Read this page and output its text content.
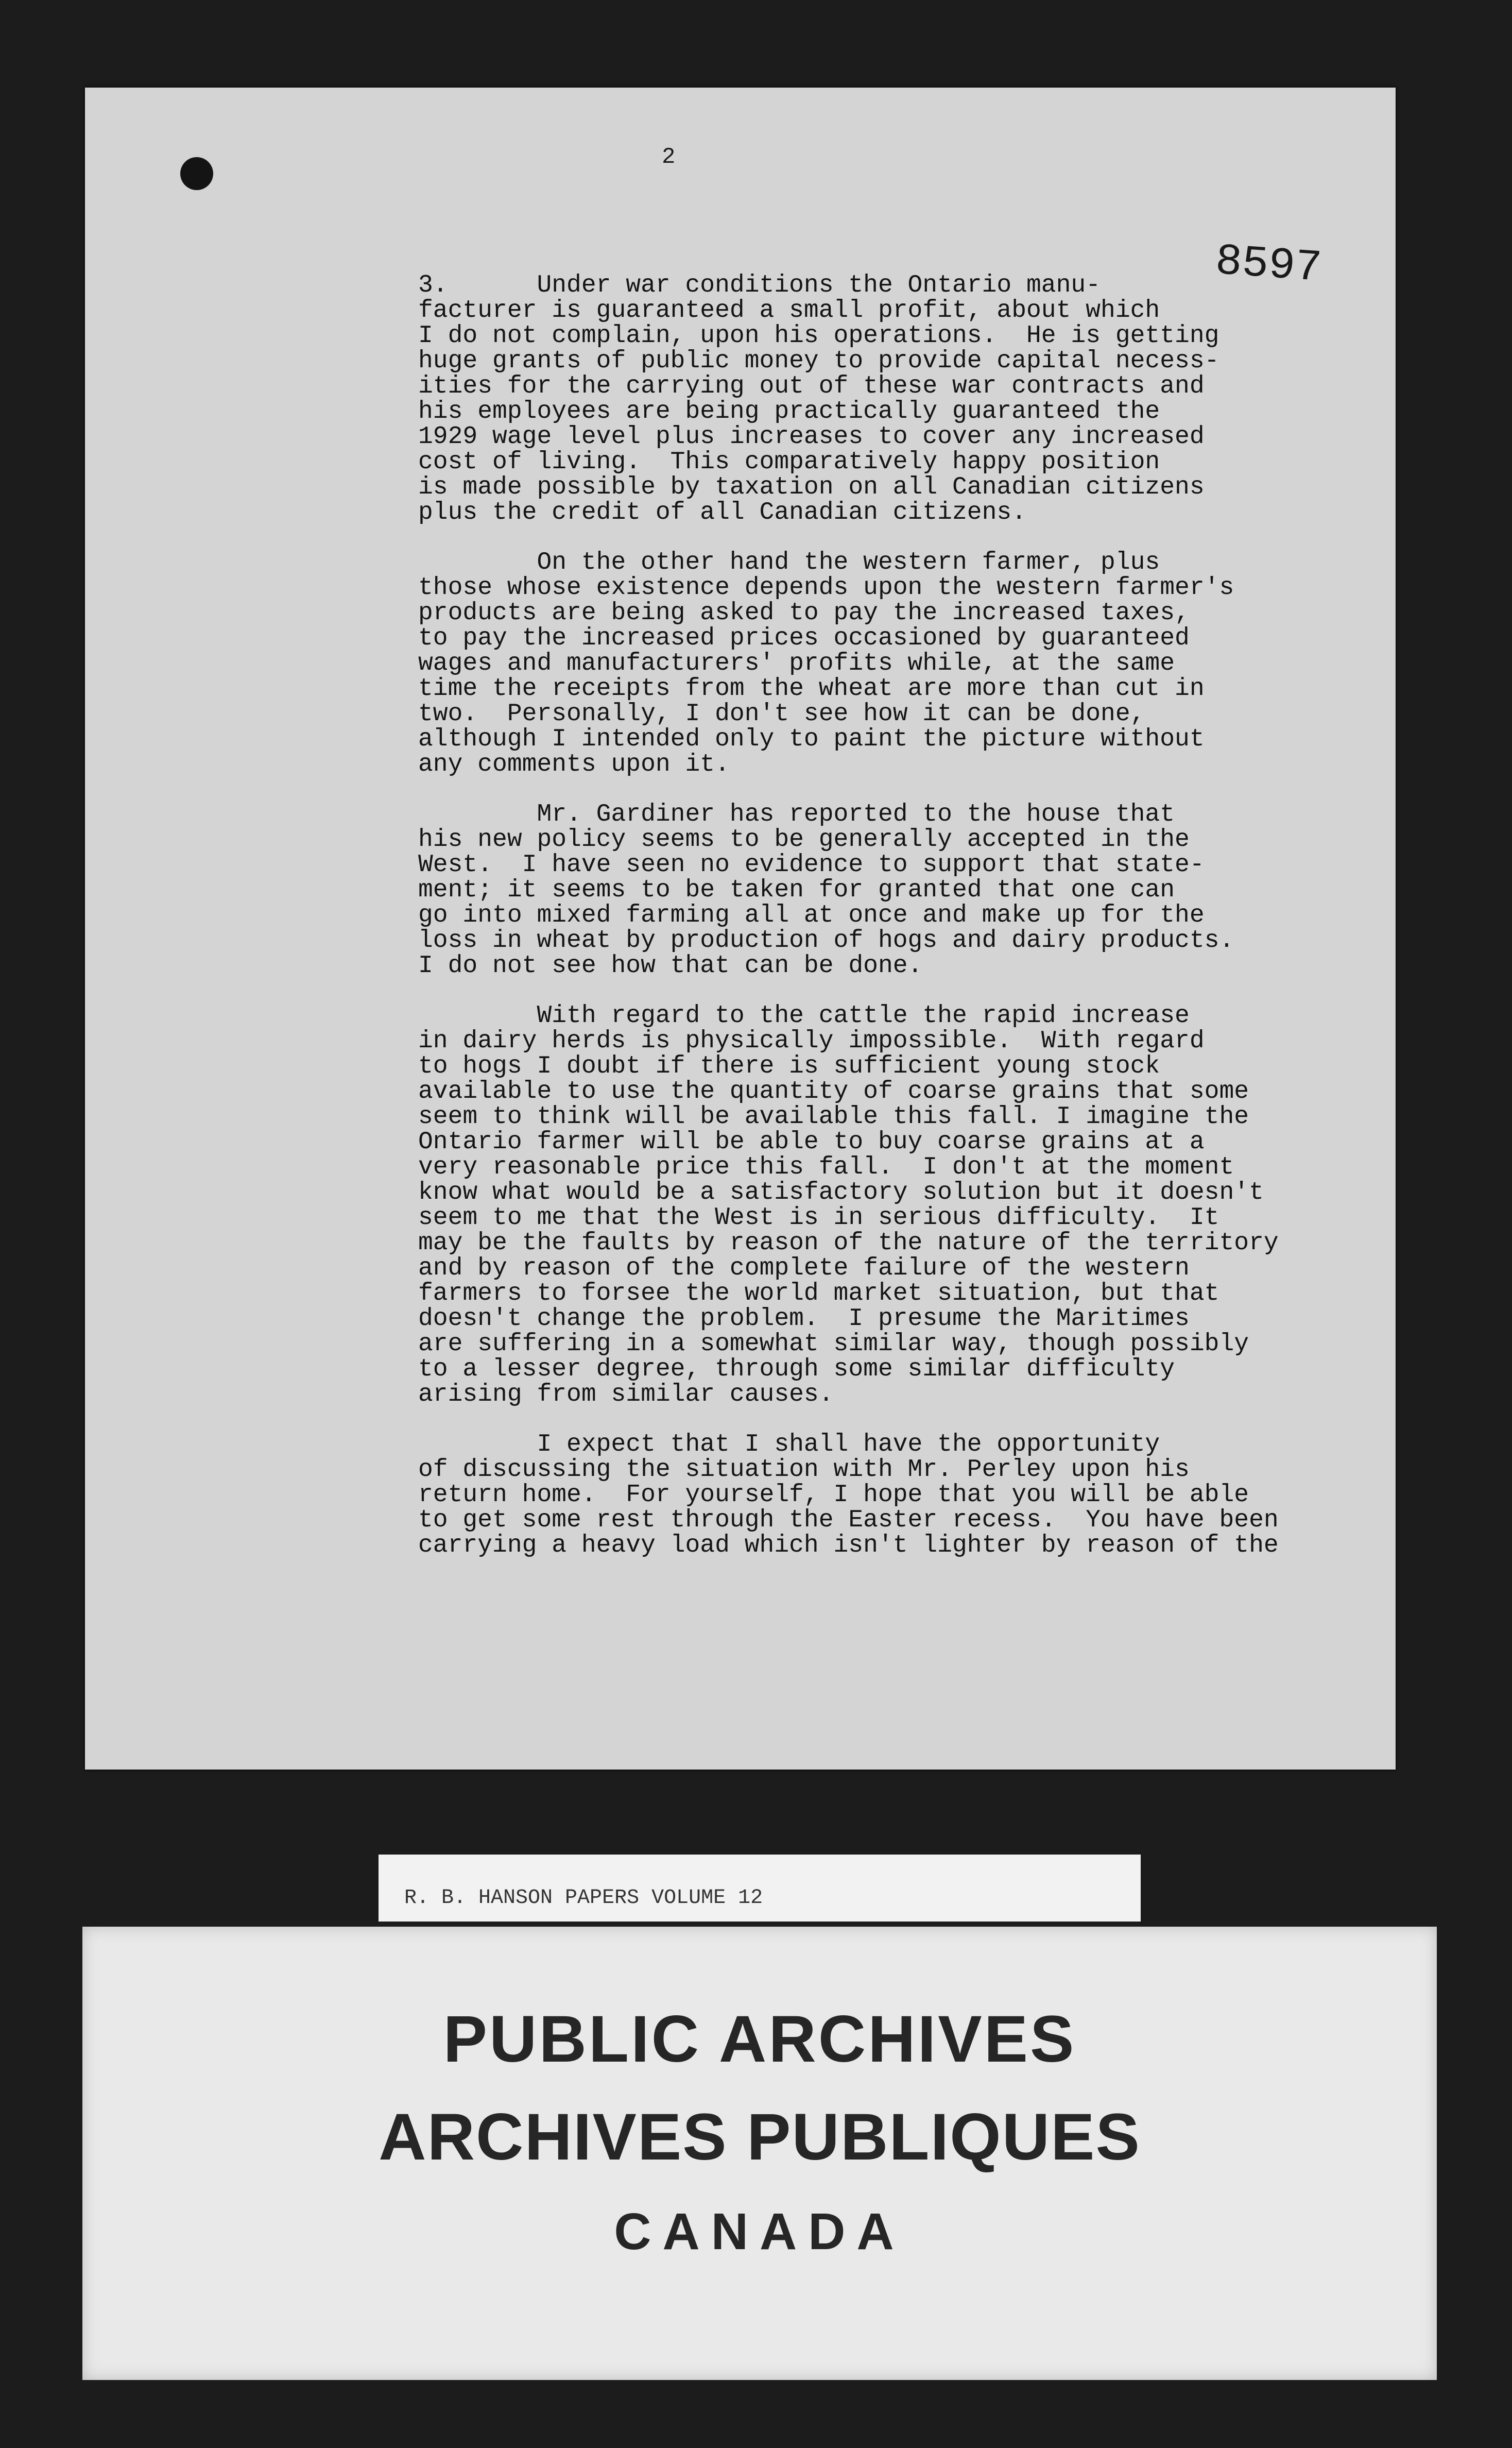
2
8597

3.      Under war conditions the Ontario manu-
facturer is guaranteed a small profit, about which
I do not complain, upon his operations.  He is getting
huge grants of public money to provide capital necess-
ities for the carrying out of these war contracts and
his employees are being practically guaranteed the
1929 wage level plus increases to cover any increased
cost of living.  This comparatively happy position
is made possible by taxation on all Canadian citizens
plus the credit of all Canadian citizens.

On the other hand the western farmer, plus
those whose existence depends upon the western farmer's
products are being asked to pay the increased taxes,
to pay the increased prices occasioned by guaranteed
wages and manufacturers' profits while, at the same
time the receipts from the wheat are more than cut in
two.  Personally, I don't see how it can be done,
although I intended only to paint the picture without
any comments upon it.

Mr. Gardiner has reported to the house that
his new policy seems to be generally accepted in the
West.  I have seen no evidence to support that state-
ment; it seems to be taken for granted that one can
go into mixed farming all at once and make up for the
loss in wheat by production of hogs and dairy products.
I do not see how that can be done.

With regard to the cattle the rapid increase
in dairy herds is physically impossible.  With regard
to hogs I doubt if there is sufficient young stock
available to use the quantity of coarse grains that some
seem to think will be available this fall. I imagine the
Ontario farmer will be able to buy coarse grains at a
very reasonable price this fall.  I don't at the moment
know what would be a satisfactory solution but it doesn't
seem to me that the West is in serious difficulty.  It
may be the faults by reason of the nature of the territory
and by reason of the complete failure of the western
farmers to forsee the world market situation, but that
doesn't change the problem.  I presume the Maritimes
are suffering in a somewhat similar way, though possibly
to a lesser degree, through some similar difficulty
arising from similar causes.

I expect that I shall have the opportunity
of discussing the situation with Mr. Perley upon his
return home.  For yourself, I hope that you will be able
to get some rest through the Easter recess.  You have been
carrying a heavy load which isn't lighter by reason of the

R. B. HANSON PAPERS VOLUME 12
PUBLIC ARCHIVES
ARCHIVES PUBLIQUES
CANADA
